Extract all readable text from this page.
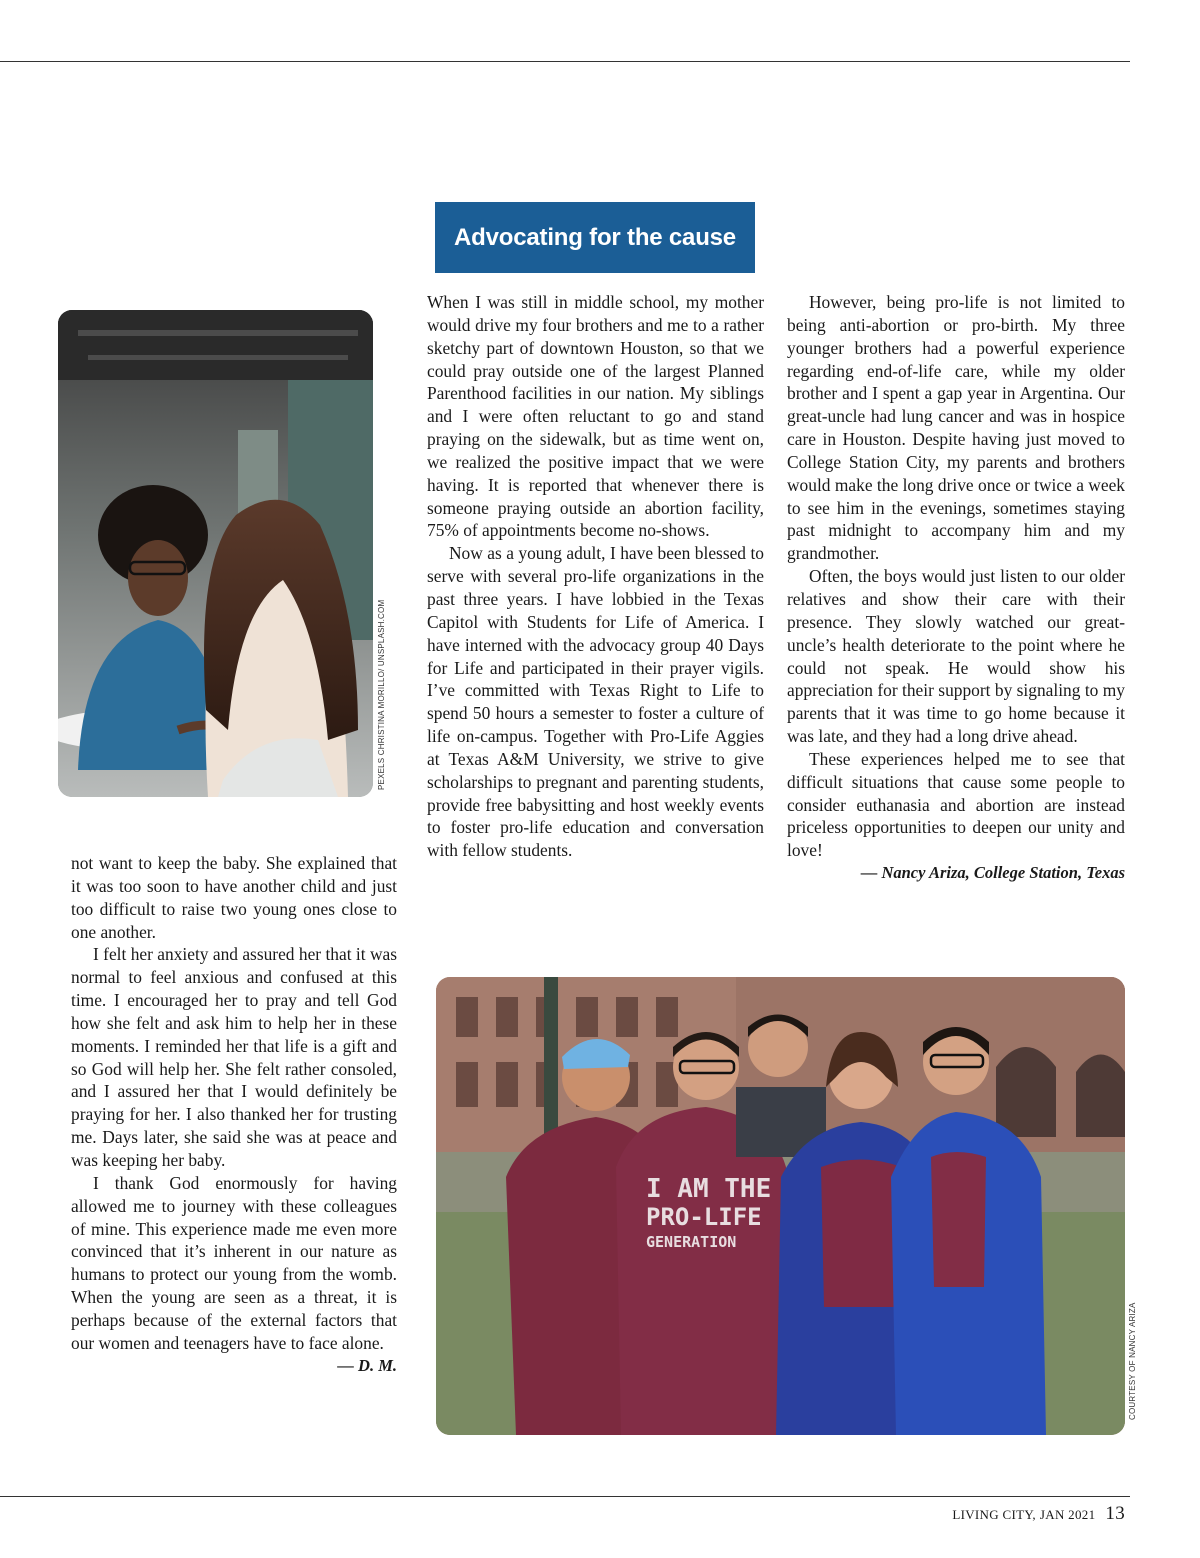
Advocating for the cause
PEXELS CHRISTINA MORILLO/ UNSPLASH.COM

not want to keep the baby. She explained that it was too soon to have another child and just too difficult to raise two young ones close to one another.

I felt her anxiety and assured her that it was normal to feel anxious and confused at this time. I encouraged her to pray and tell God how she felt and ask him to help her in these moments. I reminded her that life is a gift and so God will help her. She felt rather consoled, and I assured her that I would definitely be praying for her. I also thanked her for trusting me. Days later, she said she was at peace and was keeping her baby.

I thank God enormously for having allowed me to journey with these colleagues of mine. This experience made me even more convinced that it’s inherent in our nature as humans to protect our young from the womb. When the young are seen as a threat, it is perhaps because of the external factors that our women and teenagers have to face alone.

— D. M.

When I was still in middle school, my mother would drive my four brothers and me to a rather sketchy part of downtown Houston, so that we could pray outside one of the largest Planned Parenthood facilities in our nation. My siblings and I were often reluctant to go and stand praying on the sidewalk, but as time went on, we realized the positive impact that we were having. It is reported that whenever there is someone praying outside an abortion facility, 75% of appointments become no-shows.

Now as a young adult, I have been blessed to serve with several pro-life organizations in the past three years. I have lobbied in the Texas Capitol with Students for Life of America. I have interned with the advocacy group 40 Days for Life and participated in their prayer vigils. I’ve committed with Texas Right to Life to spend 50 hours a semester to foster a culture of life on-campus. Together with Pro-Life Aggies at Texas A&M University, we strive to give scholarships to pregnant and parenting students, provide free babysitting and host weekly events to foster pro-life education and conversation with fellow students.

However, being pro-life is not limited to being anti-abortion or pro-birth. My three younger brothers had a powerful experience regarding end-of-life care, while my older brother and I spent a gap year in Argentina. Our great-uncle had lung cancer and was in hospice care in Houston. Despite having just moved to College Station City, my parents and brothers would make the long drive once or twice a week to see him in the evenings, sometimes staying past midnight to accompany him and my grandmother.

Often, the boys would just listen to our older relatives and show their care with their presence. They slowly watched our great-uncle’s health deteriorate to the point where he could not speak. He would show his appreciation for their support by signaling to my parents that it was time to go home because it was late, and they had a long drive ahead.

These experiences helped me to see that difficult situations that cause some people to consider euthanasia and abortion are instead priceless opportunities to deepen our unity and love!

— Nancy Ariza, College Station, Texas

I AM THE
PRO-LIFE
GENERATION
COURTESY OF NANCY ARIZA
LIVING CITY, JAN 2021 13
